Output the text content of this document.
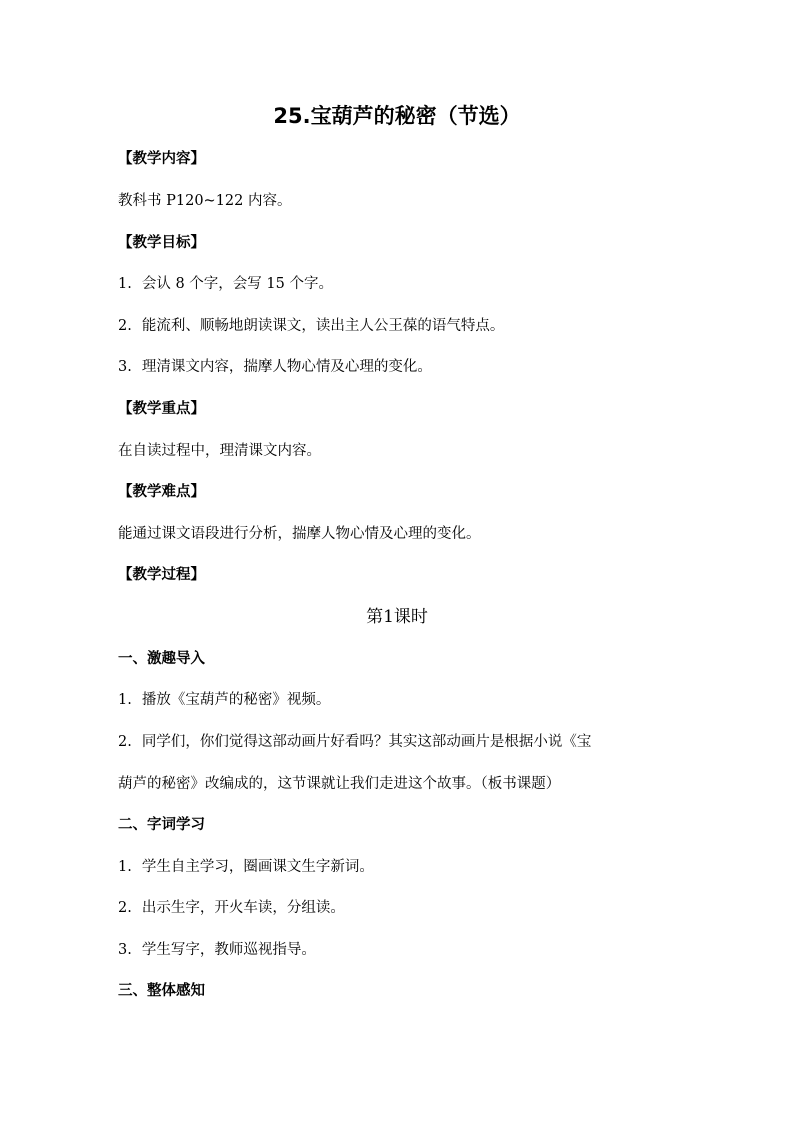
25.宝葫芦的秘密（节选）
【教学内容】
教科书 P120~122 内容。
【教学目标】
1. 会认 8 个字，会写 15 个字。
2. 能流利、顺畅地朗读课文，读出主人公王葆的语气特点。
3. 理清课文内容，揣摩人物心情及心理的变化。
【教学重点】
在自读过程中，理清课文内容。
【教学难点】
能通过课文语段进行分析，揣摩人物心情及心理的变化。
【教学过程】
第1课时
一、激趣导入
1. 播放《宝葫芦的秘密》视频。
2. 同学们，你们觉得这部动画片好看吗？其实这部动画片是根据小说《宝
葫芦的秘密》改编成的，这节课就让我们走进这个故事。（板书课题）
二、字词学习
1. 学生自主学习，圈画课文生字新词。
2. 出示生字，开火车读，分组读。
3. 学生写字，教师巡视指导。
三、整体感知
